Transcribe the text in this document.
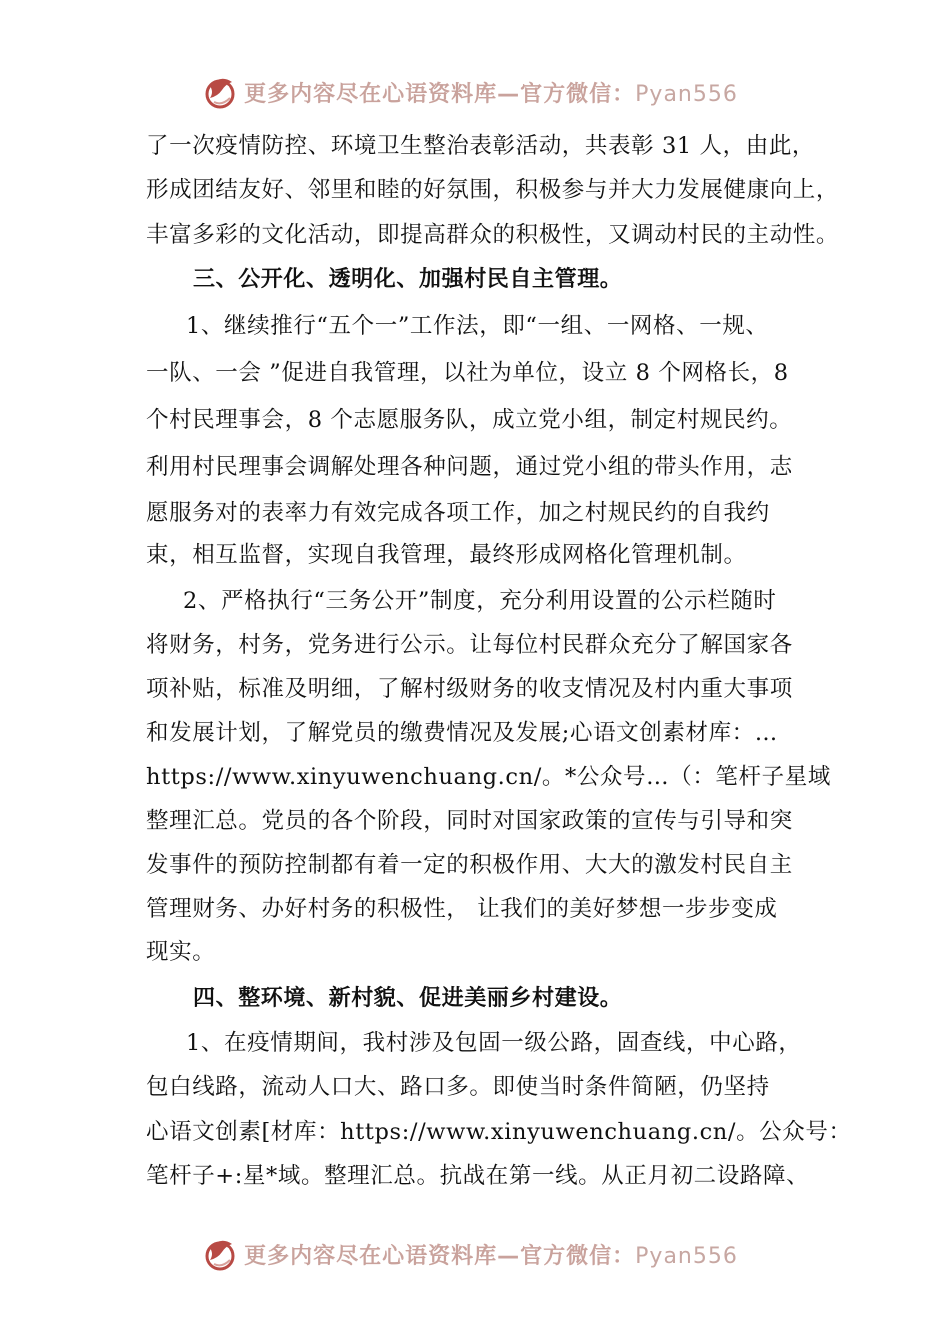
更多内容尽在心语资料库—官方微信：Pyan556
了一次疫情防控、环境卫生整治表彰活动，共表彰 31 人，由此，
形成团结友好、邻里和睦的好氛围，积极参与并大力发展健康向上，
丰富多彩的文化活动，即提高群众的积极性，又调动村民的主动性。
三、公开化、透明化、加强村民自主管理。
1、继续推行“五个一”工作法，即“一组、一网格、一规、
一队、一会 ”促进自我管理，以社为单位，设立 8 个网格长，8
个村民理事会，8 个志愿服务队，成立党小组，制定村规民约。
利用村民理事会调解处理各种问题，通过党小组的带头作用，志
愿服务对的表率力有效完成各项工作，加之村规民约的自我约
束，相互监督，实现自我管理，最终形成网格化管理机制。
2、严格执行“三务公开”制度，充分利用设置的公示栏随时
将财务，村务，党务进行公示。让每位村民群众充分了解国家各
项补贴，标准及明细，了解村级财务的收支情况及村内重大事项
和发展计划，了解党员的缴费情况及发展;心语文创素材库：…
https://www.xinyuwenchuang.cn/。*公众号…（：笔杆子星域
整理汇总。党员的各个阶段，同时对国家政策的宣传与引导和突
发事件的预防控制都有着一定的积极作用、大大的激发村民自主
管理财务、办好村务的积极性， 让我们的美好梦想一步步变成
现实。
四、整环境、新村貌、促进美丽乡村建设。
1、在疫情期间，我村涉及包固一级公路，固查线，中心路，
包白线路，流动人口大、路口多。即使当时条件简陋，仍坚持
心语文创素[材库：https://www.xinyuwenchuang.cn/。公众号：
笔杆子+:星*域。整理汇总。抗战在第一线。从正月初二设路障、
更多内容尽在心语资料库—官方微信：Pyan556
